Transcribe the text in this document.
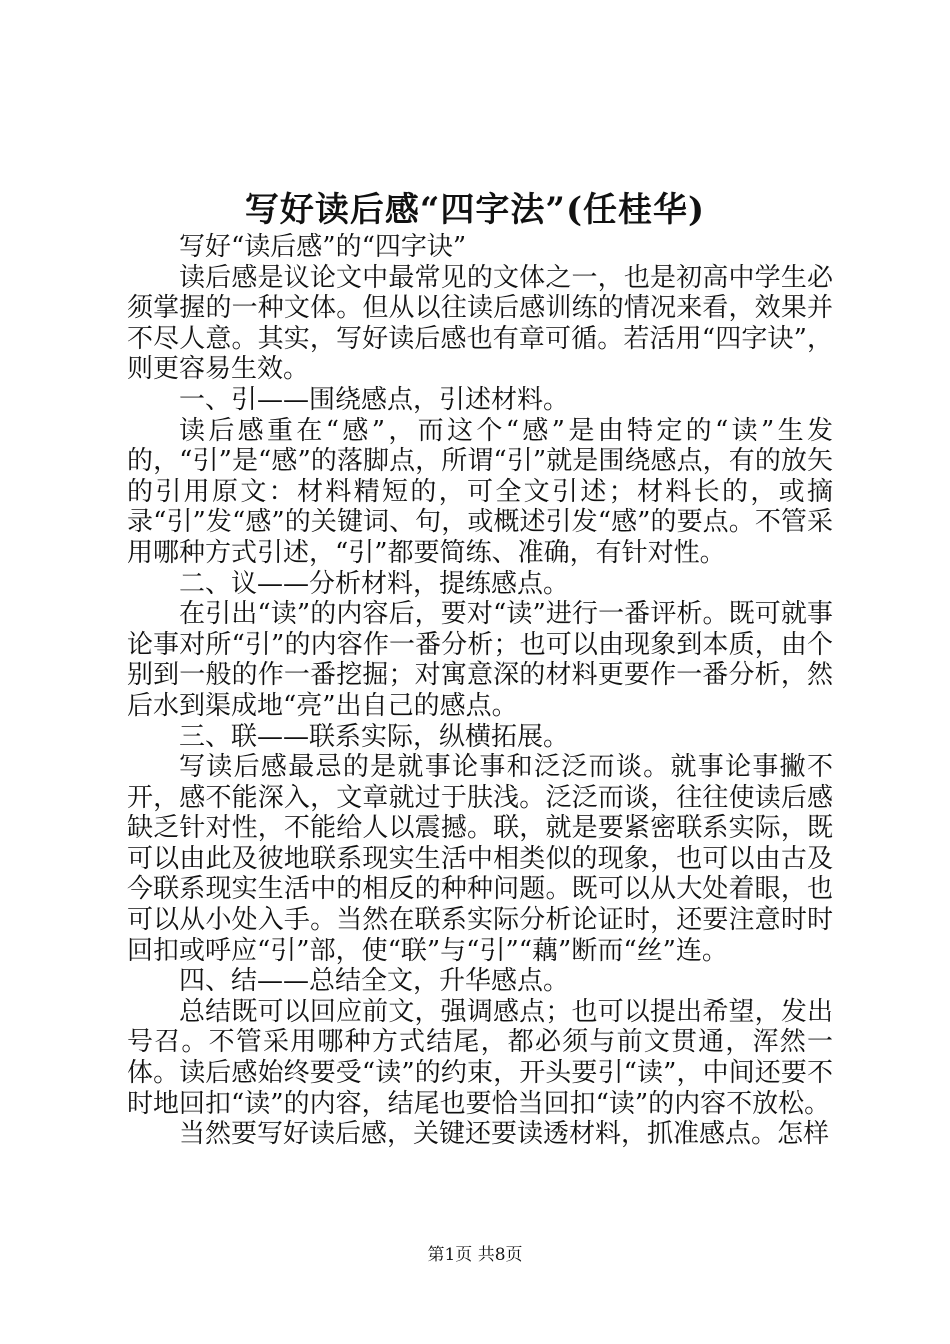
写好读后感“四字法”(任桂华)

写好“读后感”的“四字诀”

读后感是议论文中最常见的文体之一，也是初高中学生必须掌握的一种文体。但从以往读后感训练的情况来看，效果并不尽人意。其实，写好读后感也有章可循。若活用“四字诀”，则更容易生效。

一、引——围绕感点，引述材料。

读后感重在“感”，而这个“感”是由特定的“读”生发的，“引”是“感”的落脚点，所谓“引”就是围绕感点，有的放矢的引用原文：材料精短的，可全文引述；材料长的，或摘录“引”发“感”的关键词、句，或概述引发“感”的要点。不管采用哪种方式引述，“引”都要简练、准确，有针对性。

二、议——分析材料，提练感点。

在引出“读”的内容后，要对“读”进行一番评析。既可就事论事对所“引”的内容作一番分析；也可以由现象到本质，由个别到一般的作一番挖掘；对寓意深的材料更要作一番分析，然后水到渠成地“亮”出自己的感点。

三、联——联系实际，纵横拓展。

写读后感最忌的是就事论事和泛泛而谈。就事论事撇不开，感不能深入，文章就过于肤浅。泛泛而谈，往往使读后感缺乏针对性，不能给人以震撼。联，就是要紧密联系实际，既可以由此及彼地联系现实生活中相类似的现象，也可以由古及今联系现实生活中的相反的种种问题。既可以从大处着眼，也可以从小处入手。当然在联系实际分析论证时，还要注意时时回扣或呼应“引”部，使“联”与“引”“藕”断而“丝”连。

四、结——总结全文，升华感点。

总结既可以回应前文，强调感点；也可以提出希望，发出号召。不管采用哪种方式结尾，都必须与前文贯通，浑然一体。读后感始终要受“读”的约束，开头要引“读”，中间还要不时地回扣“读”的内容，结尾也要恰当回扣“读”的内容不放松。

当然要写好读后感，关键还要读透材料，抓准感点。怎样

第1页 共8页
